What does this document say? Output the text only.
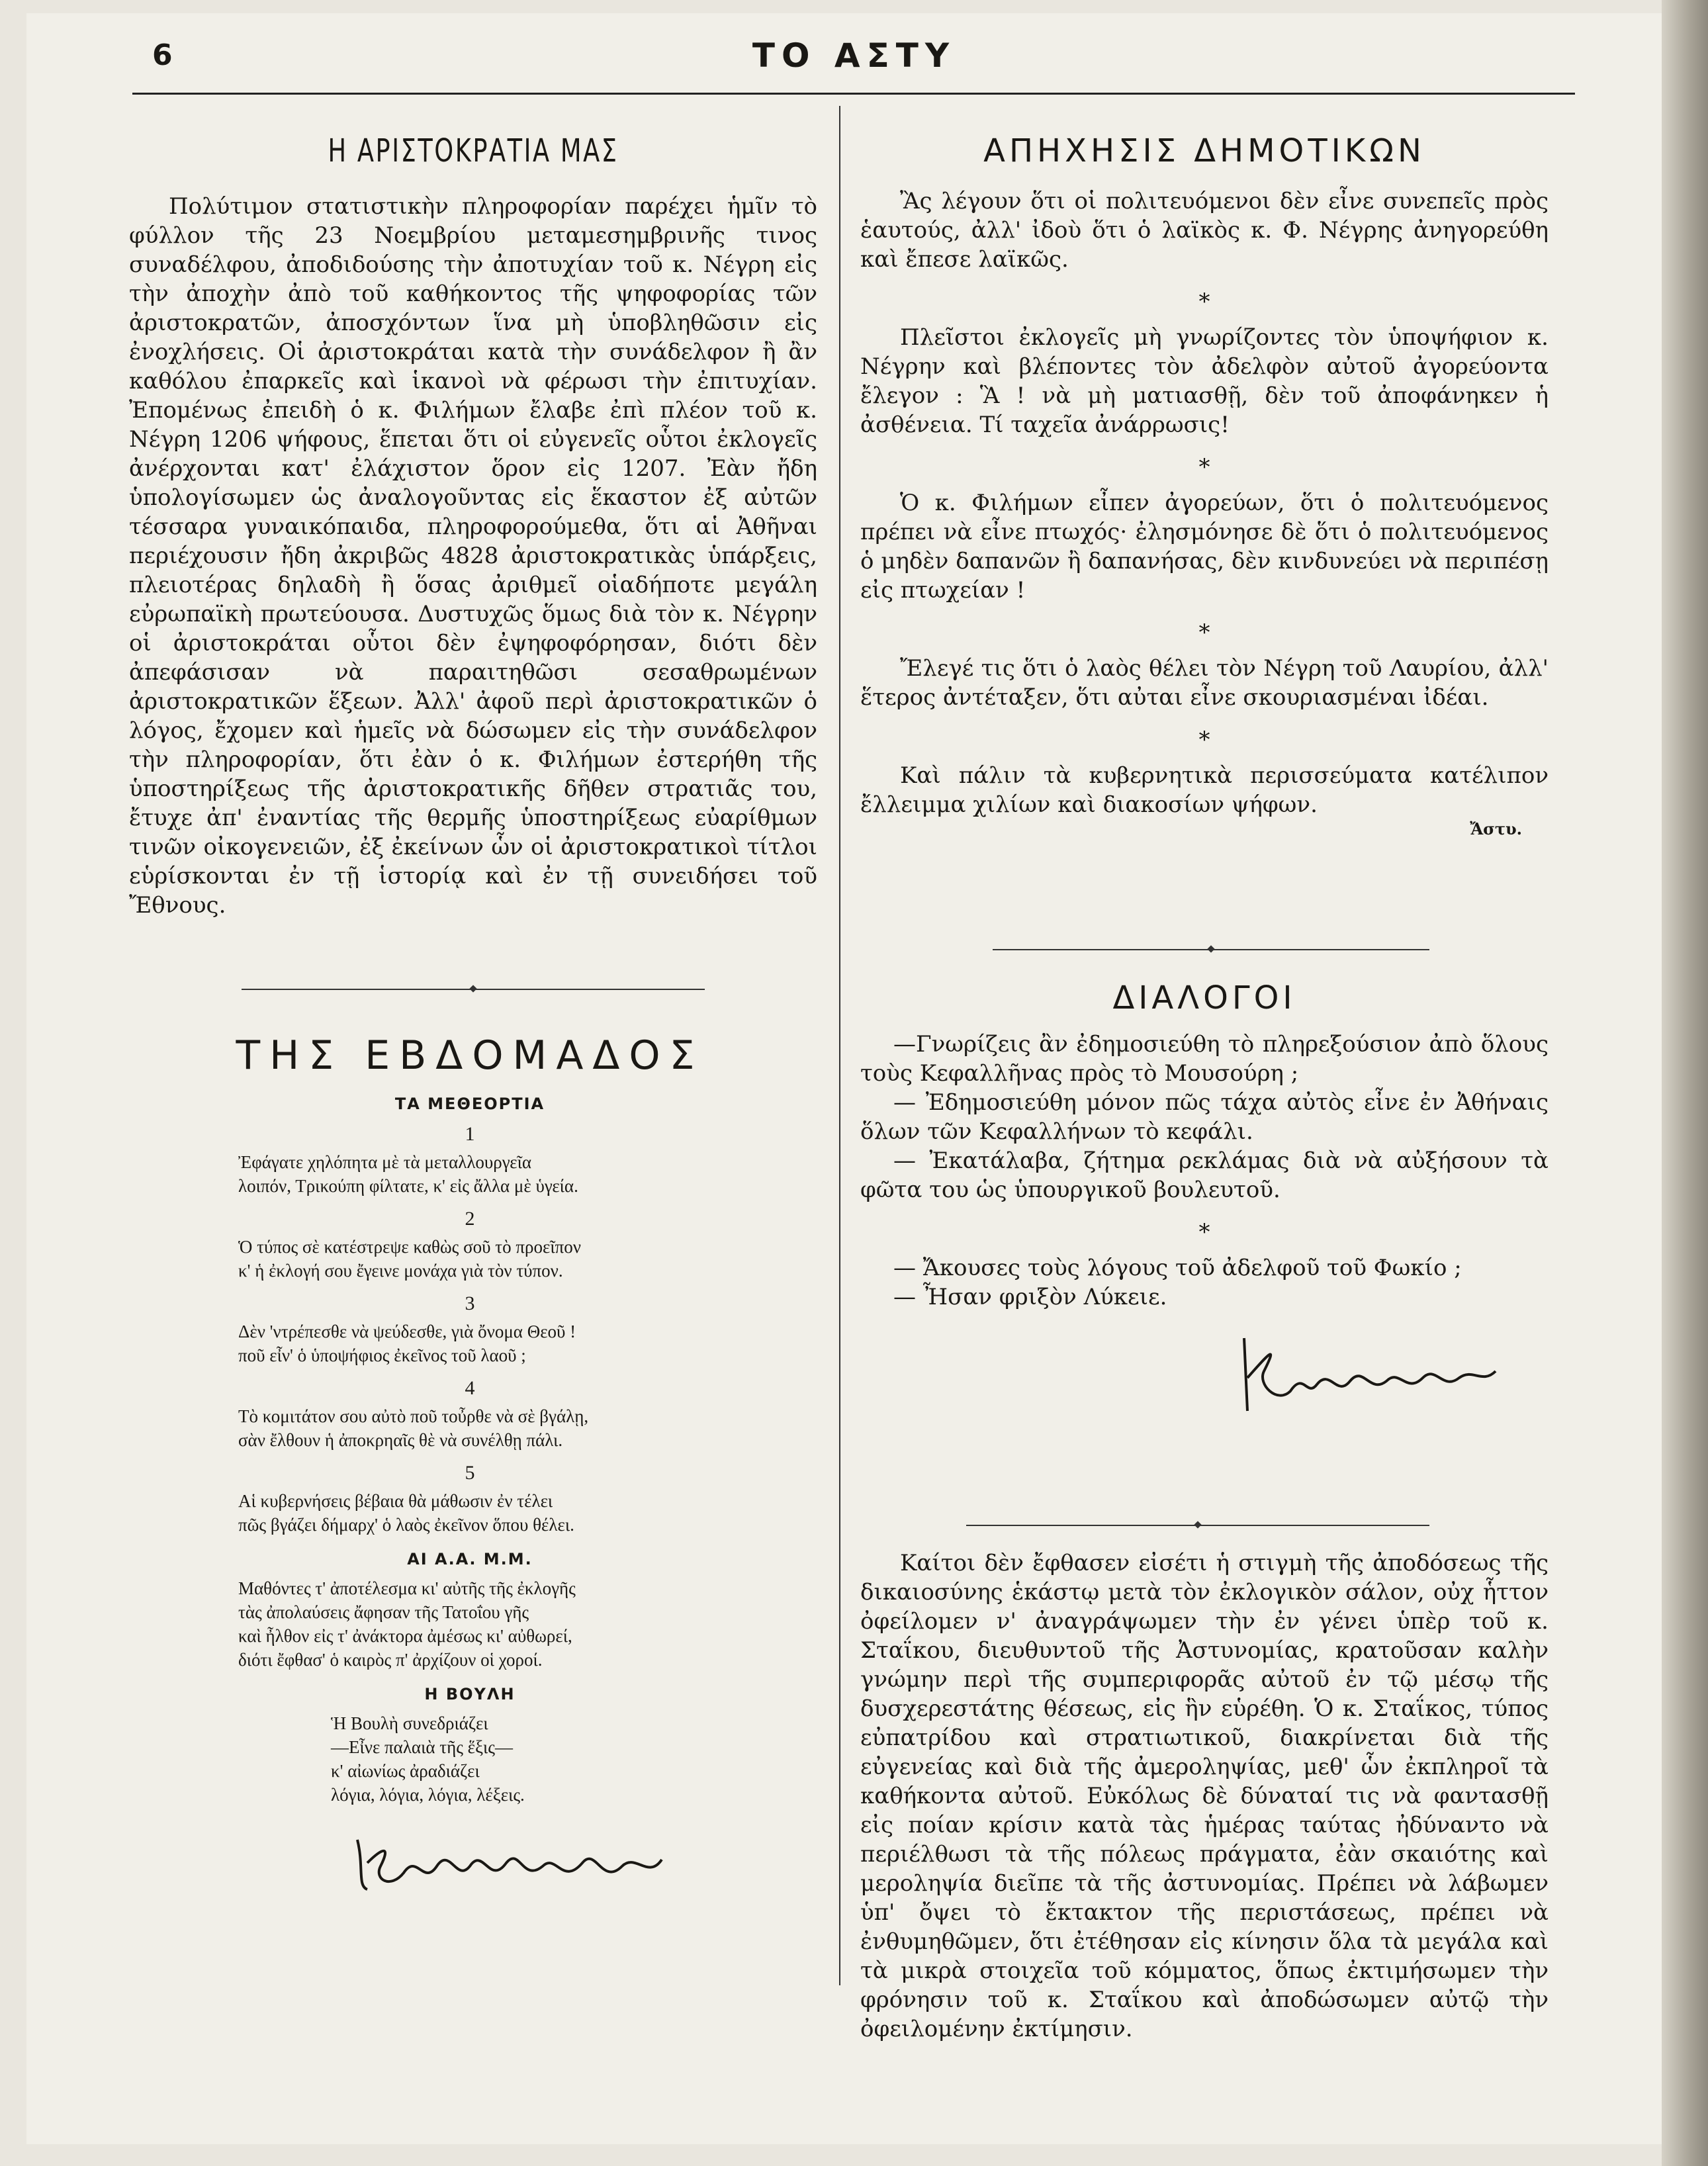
6	ΤΟ ΑΣΤΥ
Η ΑΡΙΣΤΟΚΡΑΤΙΑ ΜΑΣ

Πολύτιμον στατιστικὴν πληροφορίαν παρέχει ἡμῖν τὸ φύλλον τῆς 23 Νοεμβρίου μεταμεσημβρινῆς τινος συναδέλφου, ἀποδιδούσης τὴν ἀποτυχίαν τοῦ κ. Νέγρη εἰς τὴν ἀποχὴν ἀπὸ τοῦ καθήκοντος τῆς ψηφοφορίας τῶν ἀριστοκρατῶν, ἀποσχόντων ἵνα μὴ ὑποβληθῶσιν εἰς ἐνοχλήσεις. Οἱ ἀριστοκράται κατὰ τὴν συνάδελφον ἢ ἂν καθόλου ἐπαρκεῖς καὶ ἱκανοὶ νὰ φέρωσι τὴν ἐπιτυχίαν. Ἐπομένως ἐπειδὴ ὁ κ. Φιλήμων ἔλαβε ἐπὶ πλέον τοῦ κ. Νέγρη 1206 ψήφους, ἕπεται ὅτι οἱ εὐγενεῖς οὗτοι ἐκλογεῖς ἀνέρχονται κατ' ἐλάχιστον ὅρον εἰς 1207. Ἐὰν ἤδη ὑπολογίσωμεν ὡς ἀναλογοῦντας εἰς ἕκαστον ἐξ αὐτῶν τέσσαρα γυναικόπαιδα, πληροφορούμεθα, ὅτι αἱ Ἀθῆναι περιέχουσιν ἤδη ἀκριβῶς 4828 ἀριστοκρατικὰς ὑπάρξεις, πλειοτέρας δηλαδὴ ἢ ὅσας ἀριθμεῖ οἱαδήποτε μεγάλη εὐρωπαϊκὴ πρωτεύουσα. Δυστυχῶς ὅμως διὰ τὸν κ. Νέγρην οἱ ἀριστοκράται οὗτοι δὲν ἐψηφοφόρησαν, διότι δὲν ἀπεφάσισαν νὰ παραιτηθῶσι σεσαθρωμένων ἀριστοκρατικῶν ἕξεων. Ἀλλ' ἀφοῦ περὶ ἀριστοκρατικῶν ὁ λόγος, ἔχομεν καὶ ἡμεῖς νὰ δώσωμεν εἰς τὴν συνάδελφον τὴν πληροφορίαν, ὅτι ἐὰν ὁ κ. Φιλήμων ἐστερήθη τῆς ὑποστηρίξεως τῆς ἀριστοκρατικῆς δῆθεν στρατιᾶς του, ἔτυχε ἀπ' ἐναντίας τῆς θερμῆς ὑποστηρίξεως εὐαρίθμων τινῶν οἰκογενειῶν, ἐξ ἐκείνων ὧν οἱ ἀριστοκρατικοὶ τίτλοι εὑρίσκονται ἐν τῇ ἱστορίᾳ καὶ ἐν τῇ συνειδήσει τοῦ Ἔθνους.

ΤΗΣ ΕΒΔΟΜΑΔΟΣ
ΤΑ ΜΕΘΕΟΡΤΙΑ
1
Ἐφάγατε χηλόπητα μὲ τὰ μεταλλουργεῖα
λοιπόν, Τρικούπη φίλτατε, κ' εἰς ἄλλα μὲ ὑγεία.
2
Ὁ τύπος σὲ κατέστρεψε καθὼς σοῦ τὸ προεῖπον
κ' ἡ ἐκλογή σου ἔγεινε μονάχα γιὰ τὸν τύπον.
3
Δὲν 'ντρέπεσθε νὰ ψεύδεσθε, γιὰ ὄνομα Θεοῦ !
ποῦ εἶν' ὁ ὑποψήφιος ἐκεῖνος τοῦ λαοῦ ;
4
Τὸ κομιτάτον σου αὐτὸ ποῦ τοὖρθε νὰ σὲ βγάλῃ,
σὰν ἔλθουν ἡ ἀποκρηαῖς θὲ νὰ συνέλθῃ πάλι.
5
Αἱ κυβερνήσεις βέβαια θὰ μάθωσιν ἐν τέλει
πῶς βγάζει δήμαρχ' ὁ λαὸς ἐκεῖνον ὅπου θέλει.
ΑΙ Α.Α. Μ.Μ.
Μαθόντες τ' ἀποτέλεσμα κι' αὐτῆς τῆς ἐκλογῆς
τὰς ἀπολαύσεις ἄφησαν τῆς Τατοΐου γῆς
καὶ ἦλθον εἰς τ' ἀνάκτορα ἀμέσως κι' αὐθωρεί,
διότι ἔφθασ' ὁ καιρὸς π' ἀρχίζουν οἱ χοροί.
Η ΒΟΥΛΗ
Ἡ Βουλὴ συνεδριάζει
—Εἶνε παλαιὰ τῆς ἕξις—
κ' αἰωνίως ἀραδιάζει
λόγια, λόγια, λόγια, λέξεις.
ΑΠΗΧΗΣΙΣ ΔΗΜΟΤΙΚΩΝ

Ἂς λέγουν ὅτι οἱ πολιτευόμενοι δὲν εἶνε συνεπεῖς πρὸς ἑαυτούς, ἀλλ' ἰδοὺ ὅτι ὁ λαϊκὸς κ. Φ. Νέγρης ἀνηγορεύθη καὶ ἔπεσε λαϊκῶς.

*

Πλεῖστοι ἐκλογεῖς μὴ γνωρίζοντες τὸν ὑποψήφιον κ. Νέγρην καὶ βλέποντες τὸν ἀδελφὸν αὐτοῦ ἀγορεύοντα ἔλεγον : Ἃ ! νὰ μὴ ματιασθῇ, δὲν τοῦ ἀποφάνηκεν ἡ ἀσθένεια. Τί ταχεῖα ἀνάρρωσις!

*

Ὁ κ. Φιλήμων εἶπεν ἀγορεύων, ὅτι ὁ πολιτευόμενος πρέπει νὰ εἶνε πτωχός· ἐλησμόνησε δὲ ὅτι ὁ πολιτευόμενος ὁ μηδὲν δαπανῶν ἢ δαπανήσας, δὲν κινδυνεύει νὰ περιπέσῃ εἰς πτωχείαν !

*

Ἔλεγέ τις ὅτι ὁ λαὸς θέλει τὸν Νέγρη τοῦ Λαυρίου, ἀλλ' ἕτερος ἀντέταξεν, ὅτι αὐται εἶνε σκουριασμέναι ἰδέαι.

*

Καὶ πάλιν τὰ κυβερνητικὰ περισσεύματα κατέλιπον ἔλλειμμα χιλίων καὶ διακοσίων ψήφων.

Ἄστυ.
ΔΙΑΛΟΓΟΙ

—Γνωρίζεις ἂν ἐδημοσιεύθη τὸ πληρεξούσιον ἀπὸ ὅλους τοὺς Κεφαλλῆνας πρὸς τὸ Μουσούρη ;

— Ἐδημοσιεύθη μόνον πῶς τάχα αὐτὸς εἶνε ἐν Ἀθήναις ὅλων τῶν Κεφαλλήνων τὸ κεφάλι.

— Ἐκατάλαβα, ζήτημα ρεκλάμας διὰ νὰ αὐξήσουν τὰ φῶτα του ὡς ὑπουργικοῦ βουλευτοῦ.

*

— Ἄκουσες τοὺς λόγους τοῦ ἀδελφοῦ τοῦ Φωκίο ;

— Ἦσαν φριξὸν Λύκειε.

Καίτοι δὲν ἔφθασεν εἰσέτι ἡ στιγμὴ τῆς ἀποδόσεως τῆς δικαιοσύνης ἑκάστῳ μετὰ τὸν ἐκλογικὸν σάλον, οὐχ ἧττον ὀφείλομεν ν' ἀναγράψωμεν τὴν ἐν γένει ὑπὲρ τοῦ κ. Σταΐκου, διευθυντοῦ τῆς Ἀστυνομίας, κρατοῦσαν καλὴν γνώμην περὶ τῆς συμπεριφορᾶς αὐτοῦ ἐν τῷ μέσῳ τῆς δυσχερεστάτης θέσεως, εἰς ἣν εὑρέθη. Ὁ κ. Σταΐκος, τύπος εὐπατρίδου καὶ στρατιωτικοῦ, διακρίνεται διὰ τῆς εὐγενείας καὶ διὰ τῆς ἀμεροληψίας, μεθ' ὧν ἐκπληροῖ τὰ καθήκοντα αὐτοῦ. Εὐκόλως δὲ δύναταί τις νὰ φαντασθῇ εἰς ποίαν κρίσιν κατὰ τὰς ἡμέρας ταύτας ἠδύναντο νὰ περιέλθωσι τὰ τῆς πόλεως πράγματα, ἐὰν σκαιότης καὶ μεροληψία διεῖπε τὰ τῆς ἀστυνομίας. Πρέπει νὰ λάβωμεν ὑπ' ὄψει τὸ ἔκτακτον τῆς περιστάσεως, πρέπει νὰ ἐνθυμηθῶμεν, ὅτι ἐτέθησαν εἰς κίνησιν ὅλα τὰ μεγάλα καὶ τὰ μικρὰ στοιχεῖα τοῦ κόμματος, ὅπως ἐκτιμήσωμεν τὴν φρόνησιν τοῦ κ. Σταΐκου καὶ ἀποδώσωμεν αὐτῷ τὴν ὀφειλομένην ἐκτίμησιν.
